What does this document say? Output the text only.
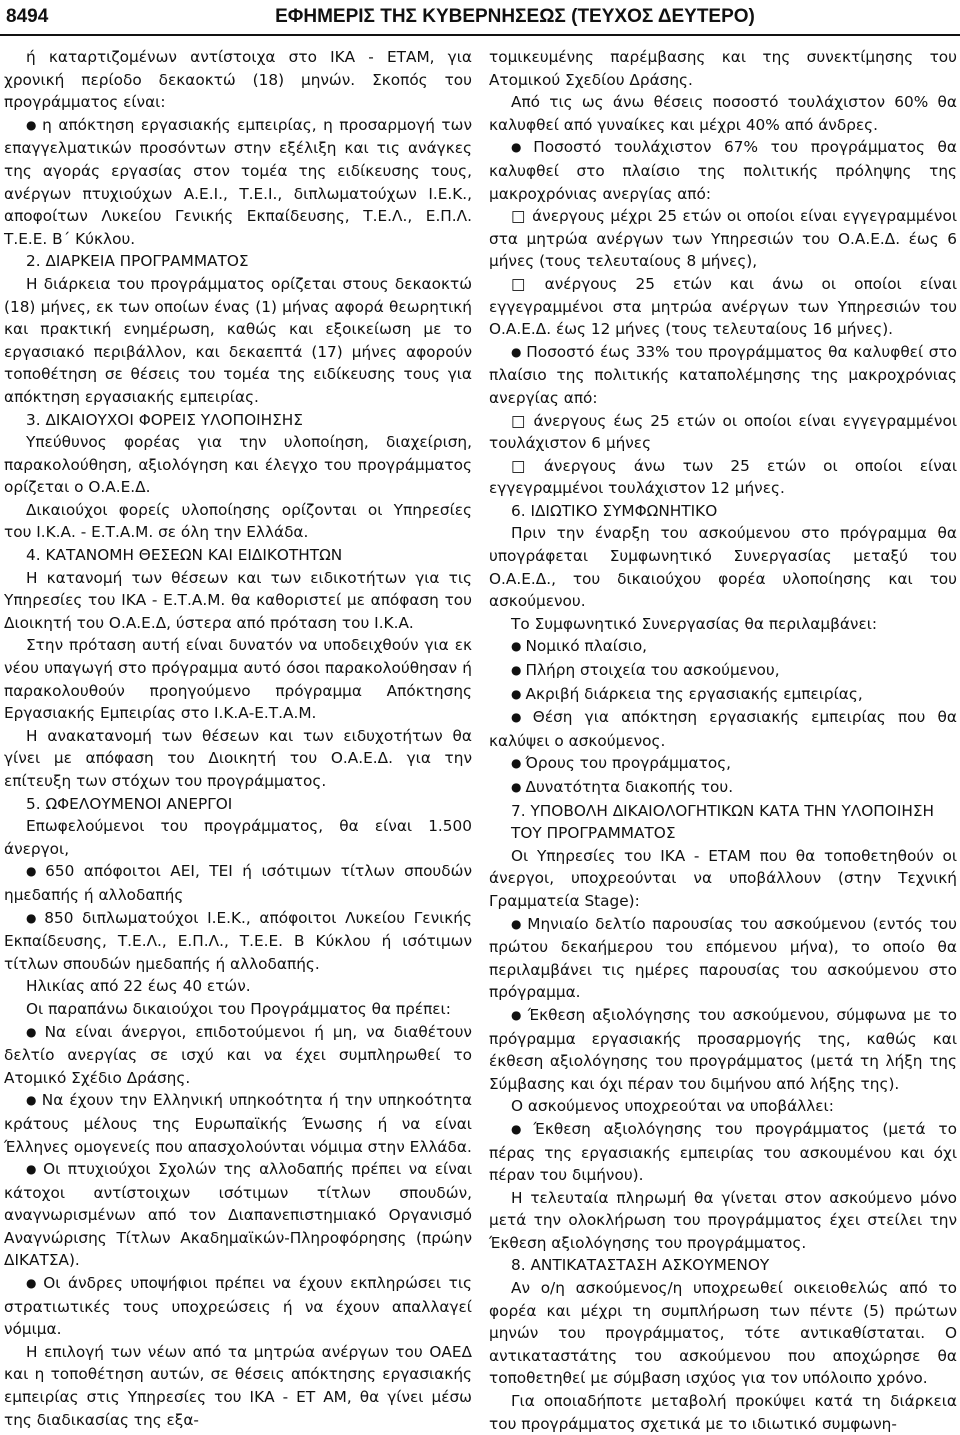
8494	ΕΦΗΜΕΡΙΣ ΤΗΣ ΚΥΒΕΡΝΗΣΕΩΣ (ΤΕΥΧΟΣ ΔΕΥΤΕΡΟ)

ή καταρτιζομένων αντίστοιχα στο ΙΚΑ - ΕΤΑΜ, για χρονική περίοδο δεκαοκτώ (18) μηνών. Σκοπός του προγράμματος είναι:

● η απόκτηση εργασιακής εμπειρίας, η προσαρμογή των επαγγελματικών προσόντων στην εξέλιξη και τις ανάγκες της αγοράς εργασίας στον τομέα της ειδίκευσης τους, ανέργων πτυχιούχων Α.Ε.Ι., Τ.Ε.Ι., διπλωματούχων Ι.Ε.Κ., αποφοίτων Λυκείου Γενικής Εκπαίδευσης, Τ.Ε.Λ., Ε.Π.Λ. Τ.Ε.Ε. Β΄ Κύκλου.

2. ΔΙΑΡΚΕΙΑ ΠΡΟΓΡΑΜΜΑΤΟΣ

Η διάρκεια του προγράμματος ορίζεται στους δεκαοκτώ (18) μήνες, εκ των οποίων ένας (1) μήνας αφορά θεωρητική και πρακτική ενημέρωση, καθώς και εξοικείωση με το εργασιακό περιβάλλον, και δεκαεπτά (17) μήνες αφορούν τοποθέτηση σε θέσεις του τομέα της ειδίκευσης τους για απόκτηση εργασιακής εμπειρίας.

3. ΔΙΚΑΙΟΥΧΟΙ ΦΟΡΕΙΣ ΥΛΟΠΟΙΗΣΗΣ

Υπεύθυνος φορέας για την υλοποίηση, διαχείριση, παρακολούθηση, αξιολόγηση και έλεγχο του προγράμματος ορίζεται ο Ο.Α.Ε.Δ.

Δικαιούχοι φορείς υλοποίησης ορίζονται οι Υπηρεσίες του Ι.Κ.Α. - Ε.Τ.Α.Μ. σε όλη την Ελλάδα.

4. ΚΑΤΑΝΟΜΗ ΘΕΣΕΩΝ ΚΑΙ ΕΙΔΙΚΟΤΗΤΩΝ

Η κατανομή των θέσεων και των ειδικοτήτων για τις Υπηρεσίες του ΙΚΑ - Ε.Τ.Α.Μ. θα καθοριστεί με απόφαση του Διοικητή του Ο.Α.Ε.Δ, ύστερα από πρόταση του Ι.Κ.Α.

Στην πρόταση αυτή είναι δυνατόν να υποδειχθούν για εκ νέου υπαγωγή στο πρόγραμμα αυτό όσοι παρακολούθησαν ή παρακολουθούν προηγούμενο πρόγραμμα Απόκτησης Εργασιακής Εμπειρίας στο Ι.Κ.Α-Ε.Τ.Α.Μ.

Η ανακατανομή των θέσεων και των ειδυχοτήτων θα γίνει με απόφαση του Διοικητή του Ο.Α.Ε.Δ. για την επίτευξη των στόχων του προγράμματος.

5. ΩΦΕΛΟΥΜΕΝΟΙ ΑΝΕΡΓΟΙ

Επωφελούμενοι του προγράμματος, θα είναι 1.500 άνεργοι,

● 650 απόφοιτοι ΑΕΙ, ΤΕΙ ή ισότιμων τίτλων σπουδών ημεδαπής ή αλλοδαπής

● 850 διπλωματούχοι Ι.Ε.Κ., απόφοιτοι Λυκείου Γενικής Εκπαίδευσης, Τ.Ε.Λ., Ε.Π.Λ., Τ.Ε.Ε. Β Κύκλου ή ισότιμων τίτλων σπουδών ημεδαπής ή αλλοδαπής.

Ηλικίας από 22 έως 40 ετών.

Οι παραπάνω δικαιούχοι του Προγράμματος θα πρέπει:

● Να είναι άνεργοι, επιδοτούμενοι ή μη, να διαθέτουν δελτίο ανεργίας σε ισχύ και να έχει συμπληρωθεί το Ατομικό Σχέδιο Δράσης.

● Να έχουν την Ελληνική υπηκοότητα ή την υπηκοότητα κράτους μέλους της Ευρωπαϊκής Ένωσης ή να είναι Έλληνες ομογενείς που απασχολούνται νόμιμα στην Ελλάδα.

● Οι πτυχιούχοι Σχολών της αλλοδαπής πρέπει να είναι κάτοχοι αντίστοιχων ισότιμων τίτλων σπουδών, αναγνωρισμένων από τον Διαπανεπιστημιακό Οργανισμό Αναγνώρισης Τίτλων Ακαδημαϊκών-Πληροφόρησης (πρώην ΔΙΚΑΤΣΑ).

● Οι άνδρες υποψήφιοι πρέπει να έχουν εκπληρώσει τις στρατιωτικές τους υποχρεώσεις ή να έχουν απαλλαγεί νόμιμα.

Η επιλογή των νέων από τα μητρώα ανέργων του ΟΑΕΔ και η τοποθέτηση αυτών, σε θέσεις απόκτησης εργασιακής εμπειρίας στις Υπηρεσίες του ΙΚΑ - ΕΤ ΑΜ, θα γίνει μέσω της διαδικασίας της εξα-

τομικευμένης παρέμβασης και της συνεκτίμησης του Ατομικού Σχεδίου Δράσης.

Από τις ως άνω θέσεις ποσοστό τουλάχιστον 60% θα καλυφθεί από γυναίκες και μέχρι 40% από άνδρες.

● Ποσοστό τουλάχιστον 67% του προγράμματος θα καλυφθεί στο πλαίσιο της πολιτικής πρόληψης της μακροχρόνιας ανεργίας από:

□ άνεργους μέχρι 25 ετών οι οποίοι είναι εγγεγραμμένοι στα μητρώα ανέργων των Υπηρεσιών του Ο.Α.Ε.Δ. έως 6 μήνες (τους τελευταίους 8 μήνες),

□ ανέργους 25 ετών και άνω οι οποίοι είναι εγγεγραμμένοι στα μητρώα ανέργων των Υπηρεσιών του Ο.Α.Ε.Δ. έως 12 μήνες (τους τελευταίους 16 μήνες).

● Ποσοστό έως 33% του προγράμματος θα καλυφθεί στο πλαίσιο της πολιτικής καταπολέμησης της μακροχρόνιας ανεργίας από:

□ άνεργους έως 25 ετών οι οποίοι είναι εγγεγραμμένοι τουλάχιστον 6 μήνες

□ άνεργους άνω των 25 ετών οι οποίοι είναι εγγεγραμμένοι τουλάχιστον 12 μήνες.

6. ΙΔΙΩΤΙΚΟ ΣΥΜΦΩΝΗΤΙΚΟ

Πριν την έναρξη του ασκούμενου στο πρόγραμμα θα υπογράφεται Συμφωνητικό Συνεργασίας μεταξύ του Ο.Α.Ε.Δ., του δικαιούχου φορέα υλοποίησης και του ασκούμενου.

Το Συμφωνητικό Συνεργασίας θα περιλαμβάνει:

● Νομικό πλαίσιο,

● Πλήρη στοιχεία του ασκούμενου,

● Ακριβή διάρκεια της εργασιακής εμπειρίας,

● Θέση για απόκτηση εργασιακής εμπειρίας που θα καλύψει ο ασκούμενος.

● Όρους του προγράμματος,

● Δυνατότητα διακοπής του.

7. ΥΠΟΒΟΛΗ ΔΙΚΑΙΟΛΟΓΗΤΙΚΩΝ ΚΑΤΑ ΤΗΝ ΥΛΟΠΟΙΗΣΗ ΤΟΥ ΠΡΟΓΡΑΜΜΑΤΟΣ

Οι Υπηρεσίες του ΙΚΑ - ΕΤΑΜ που θα τοποθετηθούν οι άνεργοι, υποχρεούνται να υποβάλλουν (στην Τεχνική Γραμματεία Stage):

● Μηνιαίο δελτίο παρουσίας του ασκούμενου (εντός του πρώτου δεκαήμερου του επόμενου μήνα), το οποίο θα περιλαμβάνει τις ημέρες παρουσίας του ασκούμενου στο πρόγραμμα.

● Έκθεση αξιολόγησης του ασκούμενου, σύμφωνα με το πρόγραμμα εργασιακής προσαρμογής της, καθώς και έκθεση αξιολόγησης του προγράμματος (μετά τη λήξη της Σύμβασης και όχι πέραν του διμήνου από λήξης της).

Ο ασκούμενος υποχρεούται να υποβάλλει:

● Έκθεση αξιολόγησης του προγράμματος (μετά το πέρας της εργασιακής εμπειρίας του ασκουμένου και όχι πέραν του διμήνου).

Η τελευταία πληρωμή θα γίνεται στον ασκούμενο μόνο μετά την ολοκλήρωση του προγράμματος έχει στείλει την Έκθεση αξιολόγησης του προγράμματος.

8. ΑΝΤΙΚΑΤΑΣΤΑΣΗ ΑΣΚΟΥΜΕΝΟΥ

Αν ο/η ασκούμενος/η υποχρεωθεί οικειοθελώς από το φορέα και μέχρι τη συμπλήρωση των πέντε (5) πρώτων μηνών του προγράμματος, τότε αντικαθίσταται. Ο αντικαταστάτης του ασκούμενου που αποχώρησε θα τοποθετηθεί με σύμβαση ισχύος για τον υπόλοιπο χρόνο.

Για οποιαδήποτε μεταβολή προκύψει κατά τη διάρκεια του προγράμματος σχετικά με το ιδιωτικό συμφωνη-
